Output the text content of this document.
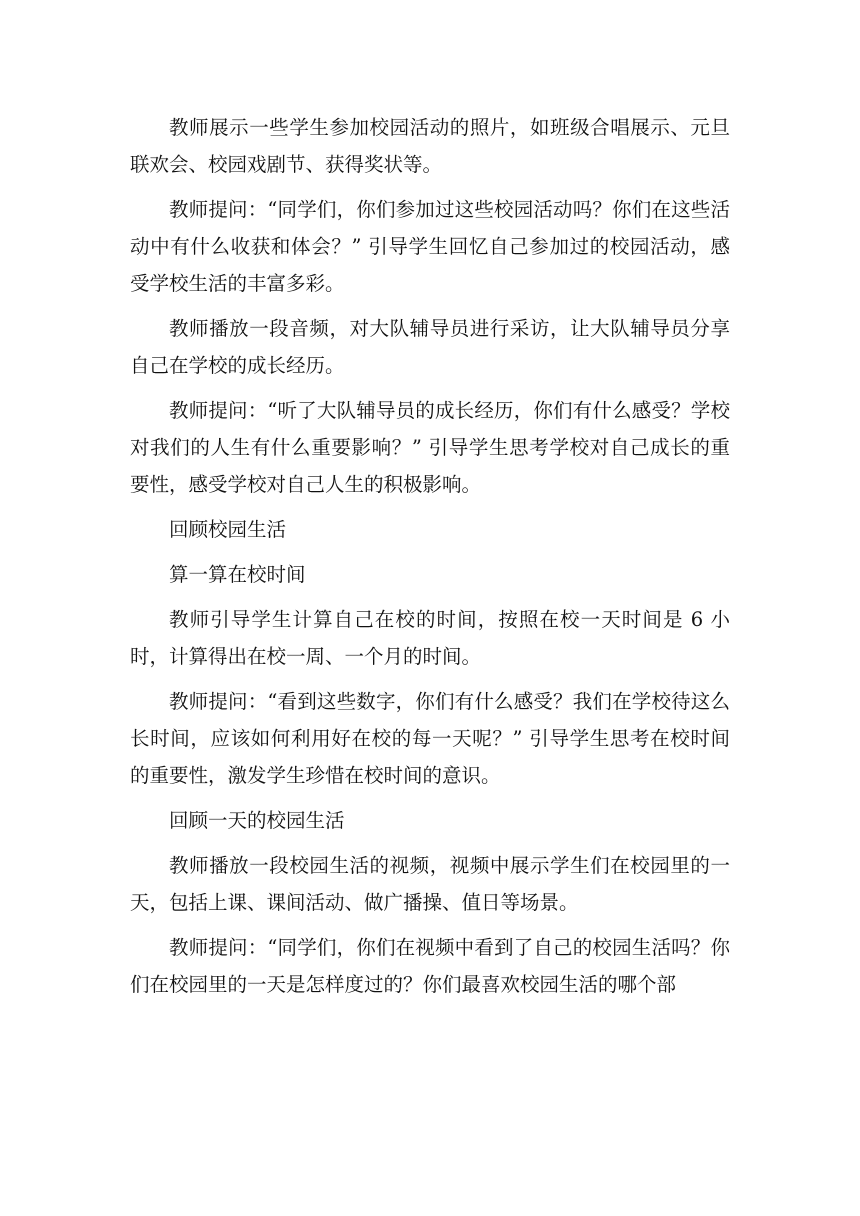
教师展示一些学生参加校园活动的照片，如班级合唱展示、元旦联欢会、校园戏剧节、获得奖状等。

教师提问：“同学们，你们参加过这些校园活动吗？你们在这些活动中有什么收获和体会？” 引导学生回忆自己参加过的校园活动，感受学校生活的丰富多彩。

教师播放一段音频，对大队辅导员进行采访，让大队辅导员分享自己在学校的成长经历。

教师提问：“听了大队辅导员的成长经历，你们有什么感受？学校对我们的人生有什么重要影响？” 引导学生思考学校对自己成长的重要性，感受学校对自己人生的积极影响。

回顾校园生活

算一算在校时间

教师引导学生计算自己在校的时间，按照在校一天时间是 6 小时，计算得出在校一周、一个月的时间。

教师提问：“看到这些数字，你们有什么感受？我们在学校待这么长时间，应该如何利用好在校的每一天呢？” 引导学生思考在校时间的重要性，激发学生珍惜在校时间的意识。

回顾一天的校园生活

教师播放一段校园生活的视频，视频中展示学生们在校园里的一天，包括上课、课间活动、做广播操、值日等场景。

教师提问：“同学们，你们在视频中看到了自己的校园生活吗？你们在校园里的一天是怎样度过的？你们最喜欢校园生活的哪个部
